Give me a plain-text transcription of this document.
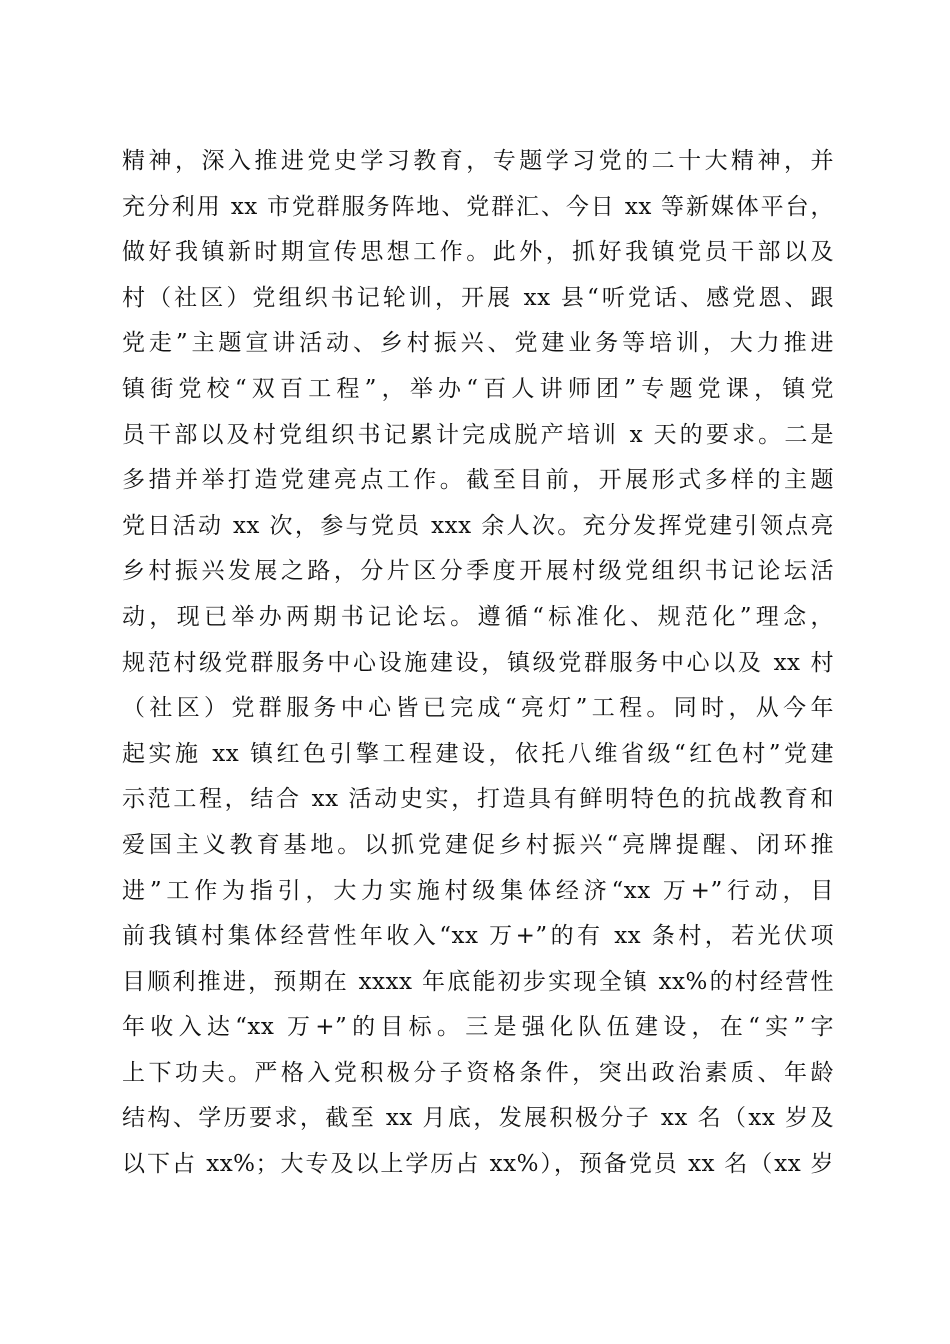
精神，深入推进党史学习教育，专题学习党的二十大精神，并
充分利用 xx 市党群服务阵地、党群汇、今日 xx 等新媒体平台，
做好我镇新时期宣传思想工作。此外，抓好我镇党员干部以及
村（社区）党组织书记轮训，开展 xx 县“听党话、感党恩、跟
党走”主题宣讲活动、乡村振兴、党建业务等培训，大力推进
镇街党校“双百工程”，举办“百人讲师团”专题党课，镇党
员干部以及村党组织书记累计完成脱产培训 x 天的要求。二是
多措并举打造党建亮点工作。截至目前，开展形式多样的主题
党日活动 xx 次，参与党员 xxx 余人次。充分发挥党建引领点亮
乡村振兴发展之路，分片区分季度开展村级党组织书记论坛活
动，现已举办两期书记论坛。遵循“标准化、规范化”理念，
规范村级党群服务中心设施建设，镇级党群服务中心以及 xx 村
（社区）党群服务中心皆已完成“亮灯”工程。同时，从今年
起实施 xx 镇红色引擎工程建设，依托八维省级“红色村”党建
示范工程，结合 xx 活动史实，打造具有鲜明特色的抗战教育和
爱国主义教育基地。以抓党建促乡村振兴“亮牌提醒、闭环推
进”工作为指引，大力实施村级集体经济“xx 万+”行动，目
前我镇村集体经营性年收入“xx 万+”的有 xx 条村，若光伏项
目顺利推进，预期在 xxxx 年底能初步实现全镇 xx%的村经营性
年收入达“xx 万+”的目标。三是强化队伍建设，在“实”字
上下功夫。严格入党积极分子资格条件，突出政治素质、年龄
结构、学历要求，截至 xx 月底，发展积极分子 xx 名（xx 岁及
以下占 xx%；大专及以上学历占 xx%），预备党员 xx 名（xx 岁
